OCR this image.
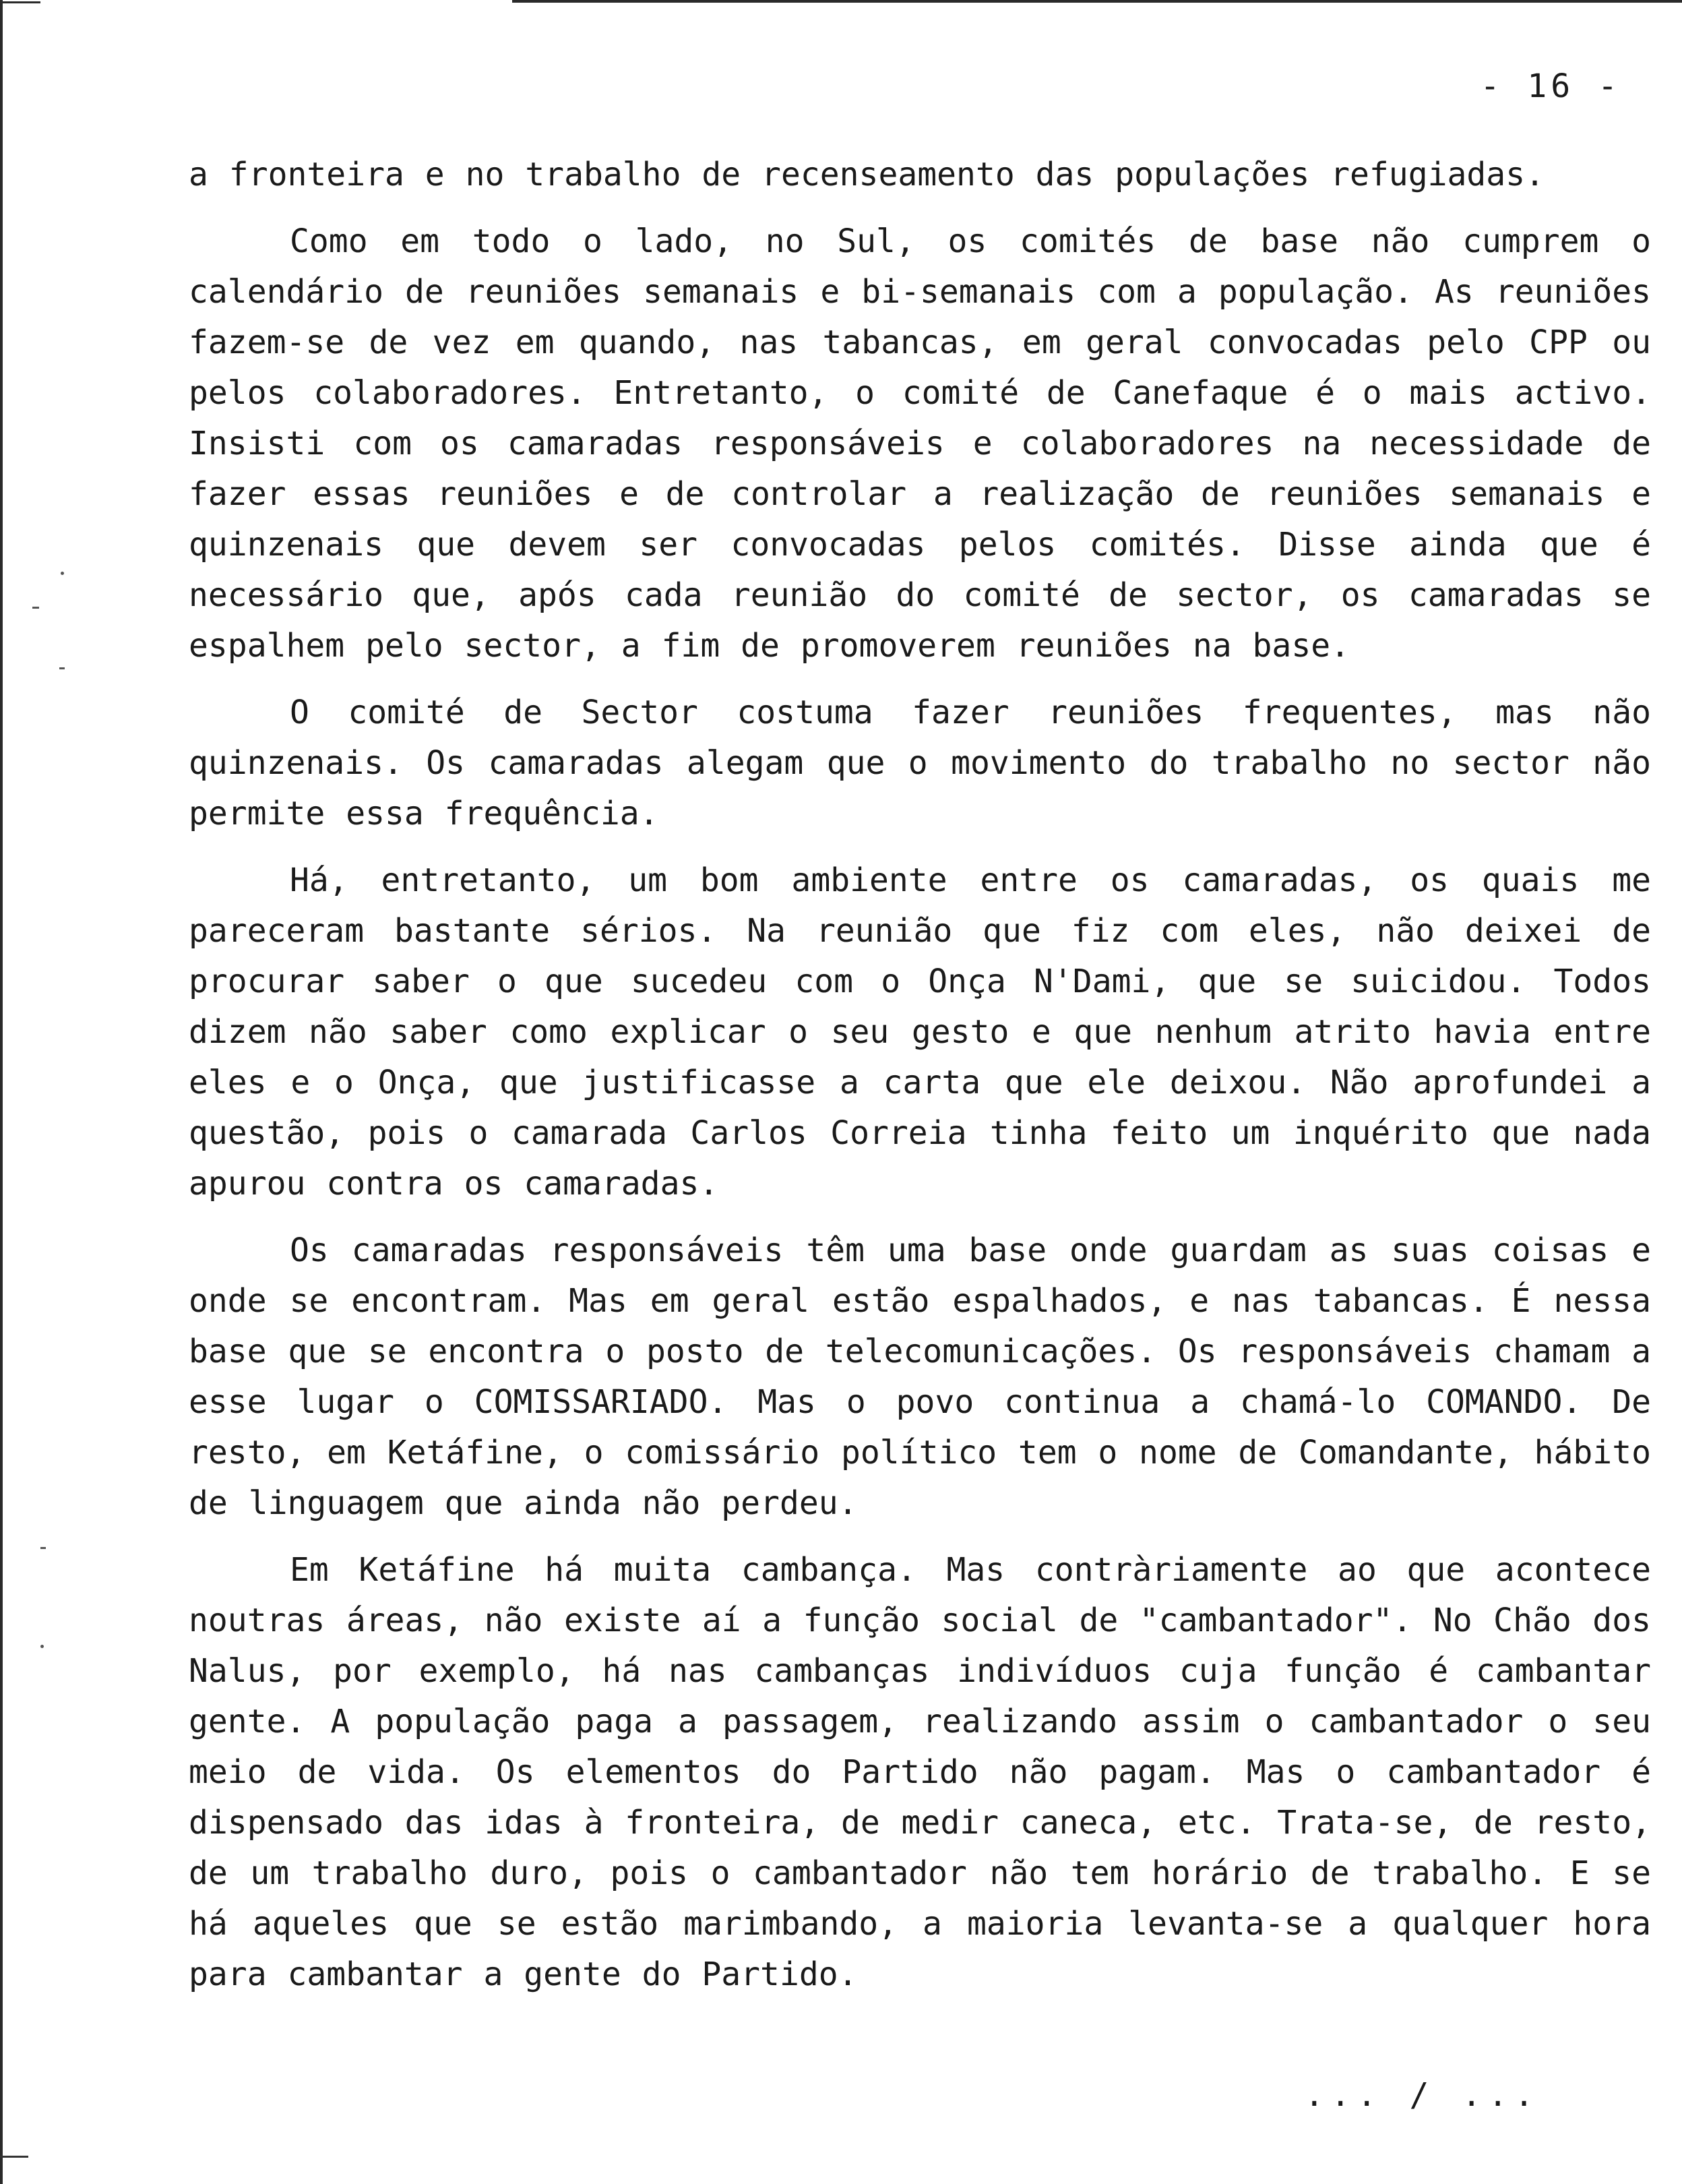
- 16 -

a fronteira e no trabalho de recenseamento das populações refugiadas.

Como em todo o lado, no Sul, os comités de base não cumprem o calendário de reuniões semanais e bi-semanais com a população. As reuniões fazem-se de vez em quando, nas tabancas, em geral convocadas pelo CPP ou pelos colaboradores. Entretanto, o comité de Canefaque é o mais activo. Insisti com os camaradas responsáveis e colaboradores na necessidade de fazer essas reuniões e de controlar a realização de reuniões semanais e quinzenais que devem ser convocadas pelos comités. Disse ainda que é necessário que, após cada reunião do comité de sector, os camaradas se espalhem pelo sector, a fim de promoverem reuniões na base.

O comité de Sector costuma fazer reuniões frequentes, mas não quinzenais. Os camaradas alegam que o movimento do trabalho no sector não permite essa frequência.

Há, entretanto, um bom ambiente entre os camaradas, os quais me pareceram bastante sérios. Na reunião que fiz com eles, não deixei de procurar saber o que sucedeu com o Onça N'Dami, que se suicidou. Todos dizem não saber como explicar o seu gesto e que nenhum atrito havia entre eles e o Onça, que justificasse a carta que ele deixou. Não aprofundei a questão, pois o camarada Carlos Correia tinha feito um inquérito que nada apurou contra os camaradas.

Os camaradas responsáveis têm uma base onde guardam as suas coisas e onde se encontram. Mas em geral estão espalhados, e nas tabancas. É nessa base que se encontra o posto de telecomunicações. Os responsáveis chamam a esse lugar o COMISSARIADO. Mas o povo continua a chamá-lo COMANDO. De resto, em Ketáfine, o comissário político tem o nome de Comandante, hábito de linguagem que ainda não perdeu.

Em Ketáfine há muita cambança. Mas contràriamente ao que acontece noutras áreas, não existe aí a função social de "cambantador". No Chão dos Nalus, por exemplo, há nas cambanças indivíduos cuja função é cambantar gente. A população paga a passagem, realizando assim o cambantador o seu meio de vida. Os elementos do Partido não pagam. Mas o cambantador é dispensado das idas à fronteira, de medir caneca, etc. Trata-se, de resto, de um trabalho duro, pois o cambantador não tem horário de trabalho. E se há aqueles que se estão marimbando, a maioria levanta-se a qualquer hora para cambantar a gente do Partido.

... / ...
